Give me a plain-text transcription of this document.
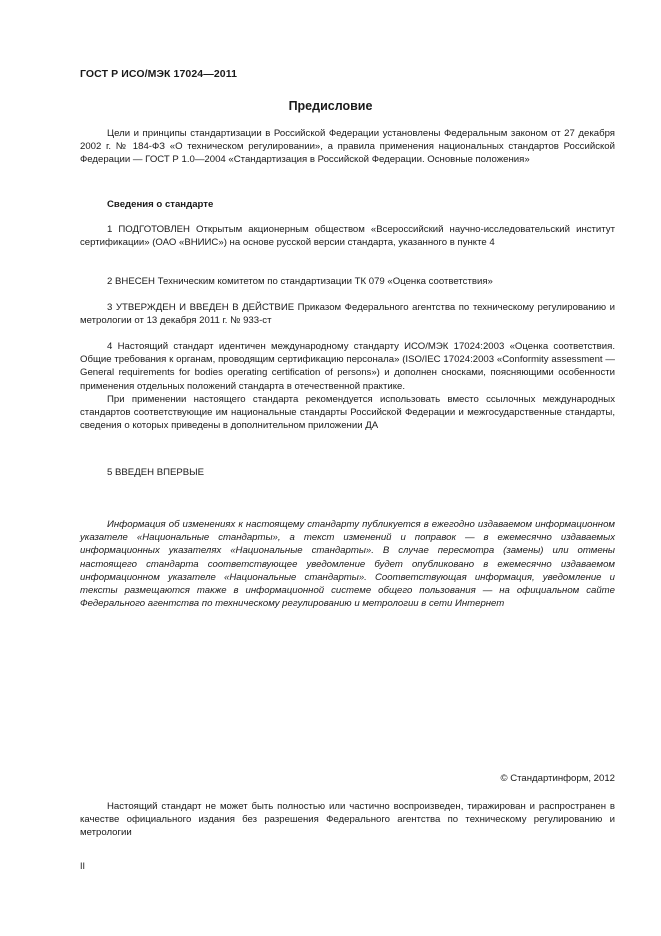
ГОСТ Р ИСО/МЭК 17024—2011
Предисловие
Цели и принципы стандартизации в Российской Федерации установлены Федеральным законом от 27 декабря 2002 г. № 184-ФЗ «О техническом регулировании», а правила применения национальных стандартов Российской Федерации — ГОСТ Р 1.0—2004 «Стандартизация в Российской Федерации. Основные положения»
Сведения о стандарте
1 ПОДГОТОВЛЕН Открытым акционерным обществом «Всероссийский научно-исследовательский институт сертификации» (ОАО «ВНИИС») на основе русской версии стандарта, указанного в пункте 4
2 ВНЕСЕН Техническим комитетом по стандартизации ТК 079 «Оценка соответствия»
3 УТВЕРЖДЕН И ВВЕДЕН В ДЕЙСТВИЕ Приказом Федерального агентства по техническому регулированию и метрологии от 13 декабря 2011 г. № 933-ст

4 Настоящий стандарт идентичен международному стандарту ИСО/МЭК 17024:2003 «Оценка соответствия. Общие требования к органам, проводящим сертификацию персонала» (ISO/IEC 17024:2003 «Conformity assessment — General requirements for bodies operating certification of persons») и дополнен сносками, поясняющими особенности применения отдельных положений стандарта в отечественной практике.

При применении настоящего стандарта рекомендуется использовать вместо ссылочных международных стандартов соответствующие им национальные стандарты Российской Федерации и межгосударственные стандарты, сведения о которых приведены в дополнительном приложении ДА

5 ВВЕДЕН ВПЕРВЫЕ
Информация об изменениях к настоящему стандарту публикуется в ежегодно издаваемом информационном указателе «Национальные стандарты», а текст изменений и поправок — в ежемесячно издаваемых информационных указателях «Национальные стандарты». В случае пересмотра (замены) или отмены настоящего стандарта соответствующее уведомление будет опубликовано в ежемесячно издаваемом информационном указателе «Национальные стандарты». Соответствующая информация, уведомление и тексты размещаются также в информационной системе общего пользования — на официальном сайте Федерального агентства по техническому регулированию и метрологии в сети Интернет
© Стандартинформ, 2012
Настоящий стандарт не может быть полностью или частично воспроизведен, тиражирован и распространен в качестве официального издания без разрешения Федерального агентства по техническому регулированию и метрологии
II
